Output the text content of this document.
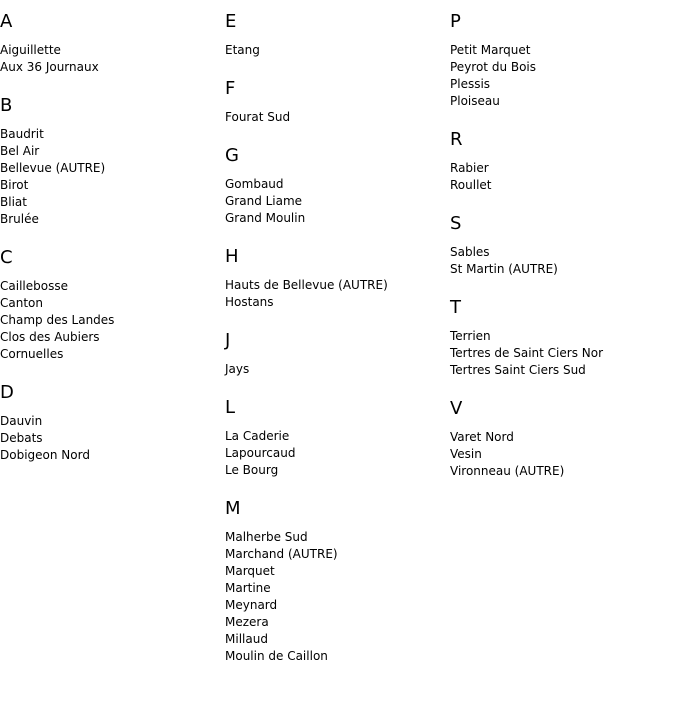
A
Aiguillette
Aux 36 Journaux
B
Baudrit
Bel Air
Bellevue (AUTRE)
Birot
Bliat
Brulée
C
Caillebosse
Canton
Champ des Landes
Clos des Aubiers
Cornuelles
D
Dauvin
Debats
Dobigeon Nord
E
Etang
F
Fourat Sud
G
Gombaud
Grand Liame
Grand Moulin
H
Hauts de Bellevue (AUTRE)
Hostans
J
Jays
L
La Caderie
Lapourcaud
Le Bourg
M
Malherbe Sud
Marchand (AUTRE)
Marquet
Martine
Meynard
Mezera
Millaud
Moulin de Caillon
P
Petit Marquet
Peyrot du Bois
Plessis
Ploiseau
R
Rabier
Roullet
S
Sables
St Martin (AUTRE)
T
Terrien
Tertres de Saint Ciers Nor
Tertres Saint Ciers Sud
V
Varet Nord
Vesin
Vironneau (AUTRE)
